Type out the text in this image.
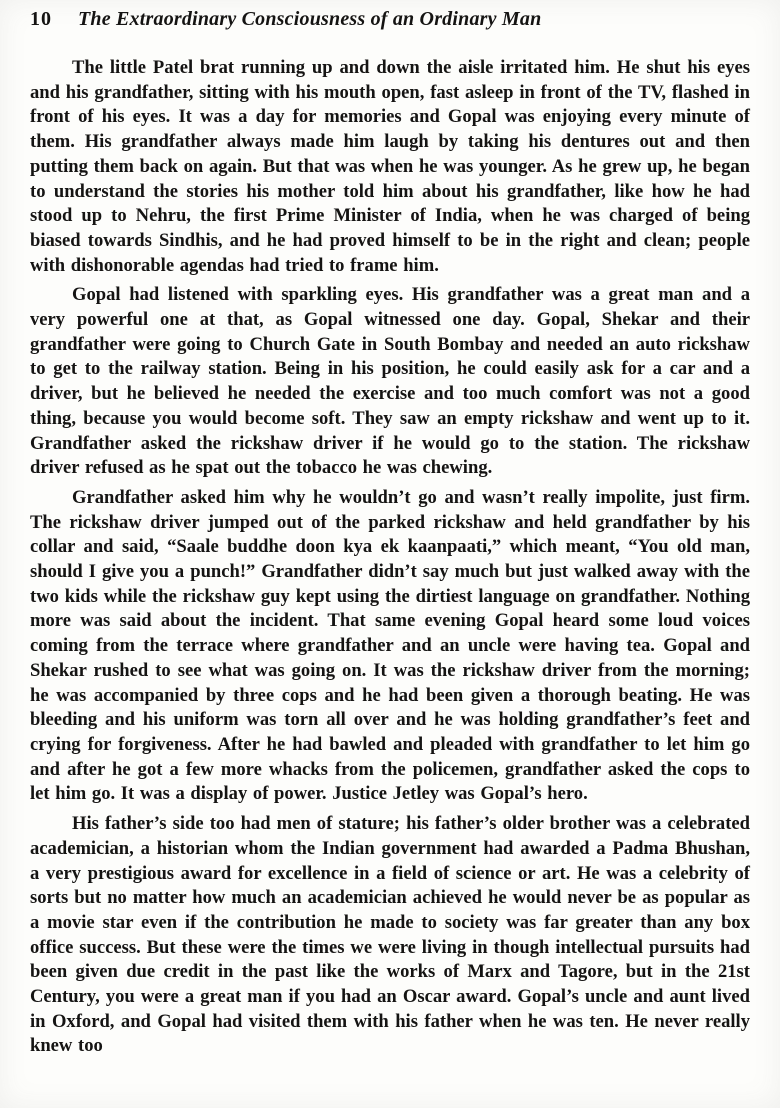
10 The Extraordinary Consciousness of an Ordinary Man

The little Patel brat running up and down the aisle irritated him. He shut his eyes and his grandfather, sitting with his mouth open, fast asleep in front of the TV, flashed in front of his eyes. It was a day for memories and Gopal was enjoying every minute of them. His grandfather always made him laugh by taking his dentures out and then putting them back on again. But that was when he was younger. As he grew up, he began to understand the stories his mother told him about his grandfather, like how he had stood up to Nehru, the first Prime Minister of India, when he was charged of being biased towards Sindhis, and he had proved himself to be in the right and clean; people with dishonorable agendas had tried to frame him.

Gopal had listened with sparkling eyes. His grandfather was a great man and a very powerful one at that, as Gopal witnessed one day. Gopal, Shekar and their grandfather were going to Church Gate in South Bombay and needed an auto rickshaw to get to the railway station. Being in his position, he could easily ask for a car and a driver, but he believed he needed the exercise and too much comfort was not a good thing, because you would become soft. They saw an empty rickshaw and went up to it. Grandfather asked the rickshaw driver if he would go to the station. The rickshaw driver refused as he spat out the tobacco he was chewing.

Grandfather asked him why he wouldn’t go and wasn’t really impolite, just firm. The rickshaw driver jumped out of the parked rickshaw and held grandfather by his collar and said, “Saale buddhe doon kya ek kaanpaati,” which meant, “You old man, should I give you a punch!” Grandfather didn’t say much but just walked away with the two kids while the rickshaw guy kept using the dirtiest language on grandfather. Nothing more was said about the incident. That same evening Gopal heard some loud voices coming from the terrace where grandfather and an uncle were having tea. Gopal and Shekar rushed to see what was going on. It was the rickshaw driver from the morning; he was accompanied by three cops and he had been given a thorough beating. He was bleeding and his uniform was torn all over and he was holding grandfather’s feet and crying for forgiveness. After he had bawled and pleaded with grandfather to let him go and after he got a few more whacks from the policemen, grandfather asked the cops to let him go. It was a display of power. Justice Jetley was Gopal’s hero.

His father’s side too had men of stature; his father’s older brother was a celebrated academician, a historian whom the Indian government had awarded a Padma Bhushan, a very prestigious award for excellence in a field of science or art. He was a celebrity of sorts but no matter how much an academician achieved he would never be as popular as a movie star even if the contribution he made to society was far greater than any box office success. But these were the times we were living in though intellectual pursuits had been given due credit in the past like the works of Marx and Tagore, but in the 21st Century, you were a great man if you had an Oscar award. Gopal’s uncle and aunt lived in Oxford, and Gopal had visited them with his father when he was ten. He never really knew too
